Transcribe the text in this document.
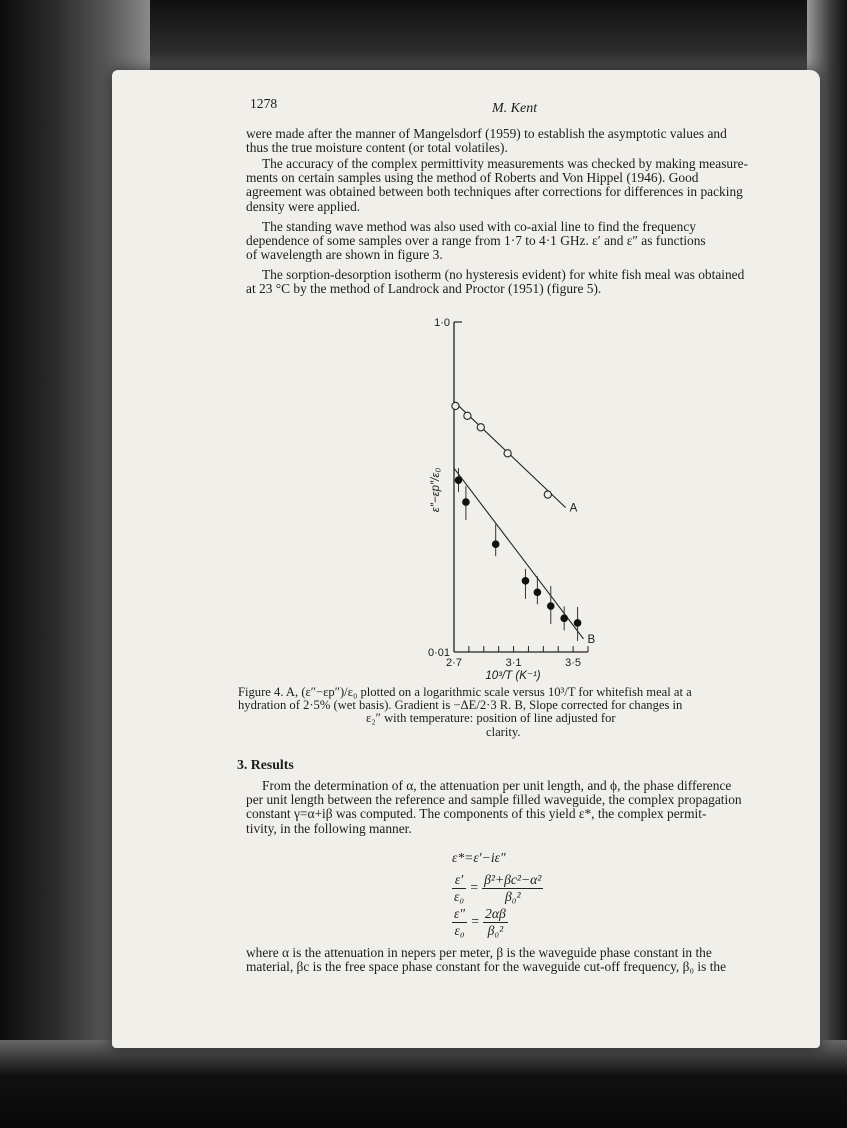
1278	M. Kent
were made after the manner of Mangelsdorf (1959) to establish the asymptotic values and
thus the true moisture content (or total volatiles).
The accuracy of the complex permittivity measurements was checked by making measure-
ments on certain samples using the method of Roberts and Von Hippel (1946). Good
agreement was obtained between both techniques after corrections for differences in packing
density were applied.
The standing wave method was also used with co-axial line to find the frequency
dependence of some samples over a range from 1·7 to 4·1 GHz. ε′ and ε″ as functions
of wavelength are shown in figure 3.
The sorption-desorption isotherm (no hysteresis evident) for white fish meal was obtained
at 23 °C by the method of Landrock and Proctor (1951) (figure 5).
2·7	3·1	3·5
1·0
0·01
10³/T (K⁻¹)
ε″−εp″/ε₀	A
B
Figure 4. A, (ε″−εp″)/ε₀ plotted on a logarithmic scale versus 10³/T for whitefish meal at a
hydration of 2·5% (wet basis). Gradient is −ΔE/2·3 R. B, Slope corrected for changes in
ε₂″ with temperature: position of line adjusted for
clarity.
3. Results
From the determination of α, the attenuation per unit length, and ϕ, the phase difference
per unit length between the reference and sample filled waveguide, the complex propagation
constant γ=α+iβ was computed. The components of this yield ε*, the complex permit-
tivity, in the following manner.
ε*=ε′−iε″
$\frac{\varepsilon'}{\text{ε₀}} = \frac{\text{β²+βc²−α²}}{\text{β₀²}}$
$\frac{\varepsilon''}{\text{ε₀}} = \frac{2\alpha\beta}{\text{β₀²}}$
where α is the attenuation in nepers per meter, β is the waveguide phase constant in the
material, βc is the free space phase constant for the waveguide cut-off frequency, β₀ is the
